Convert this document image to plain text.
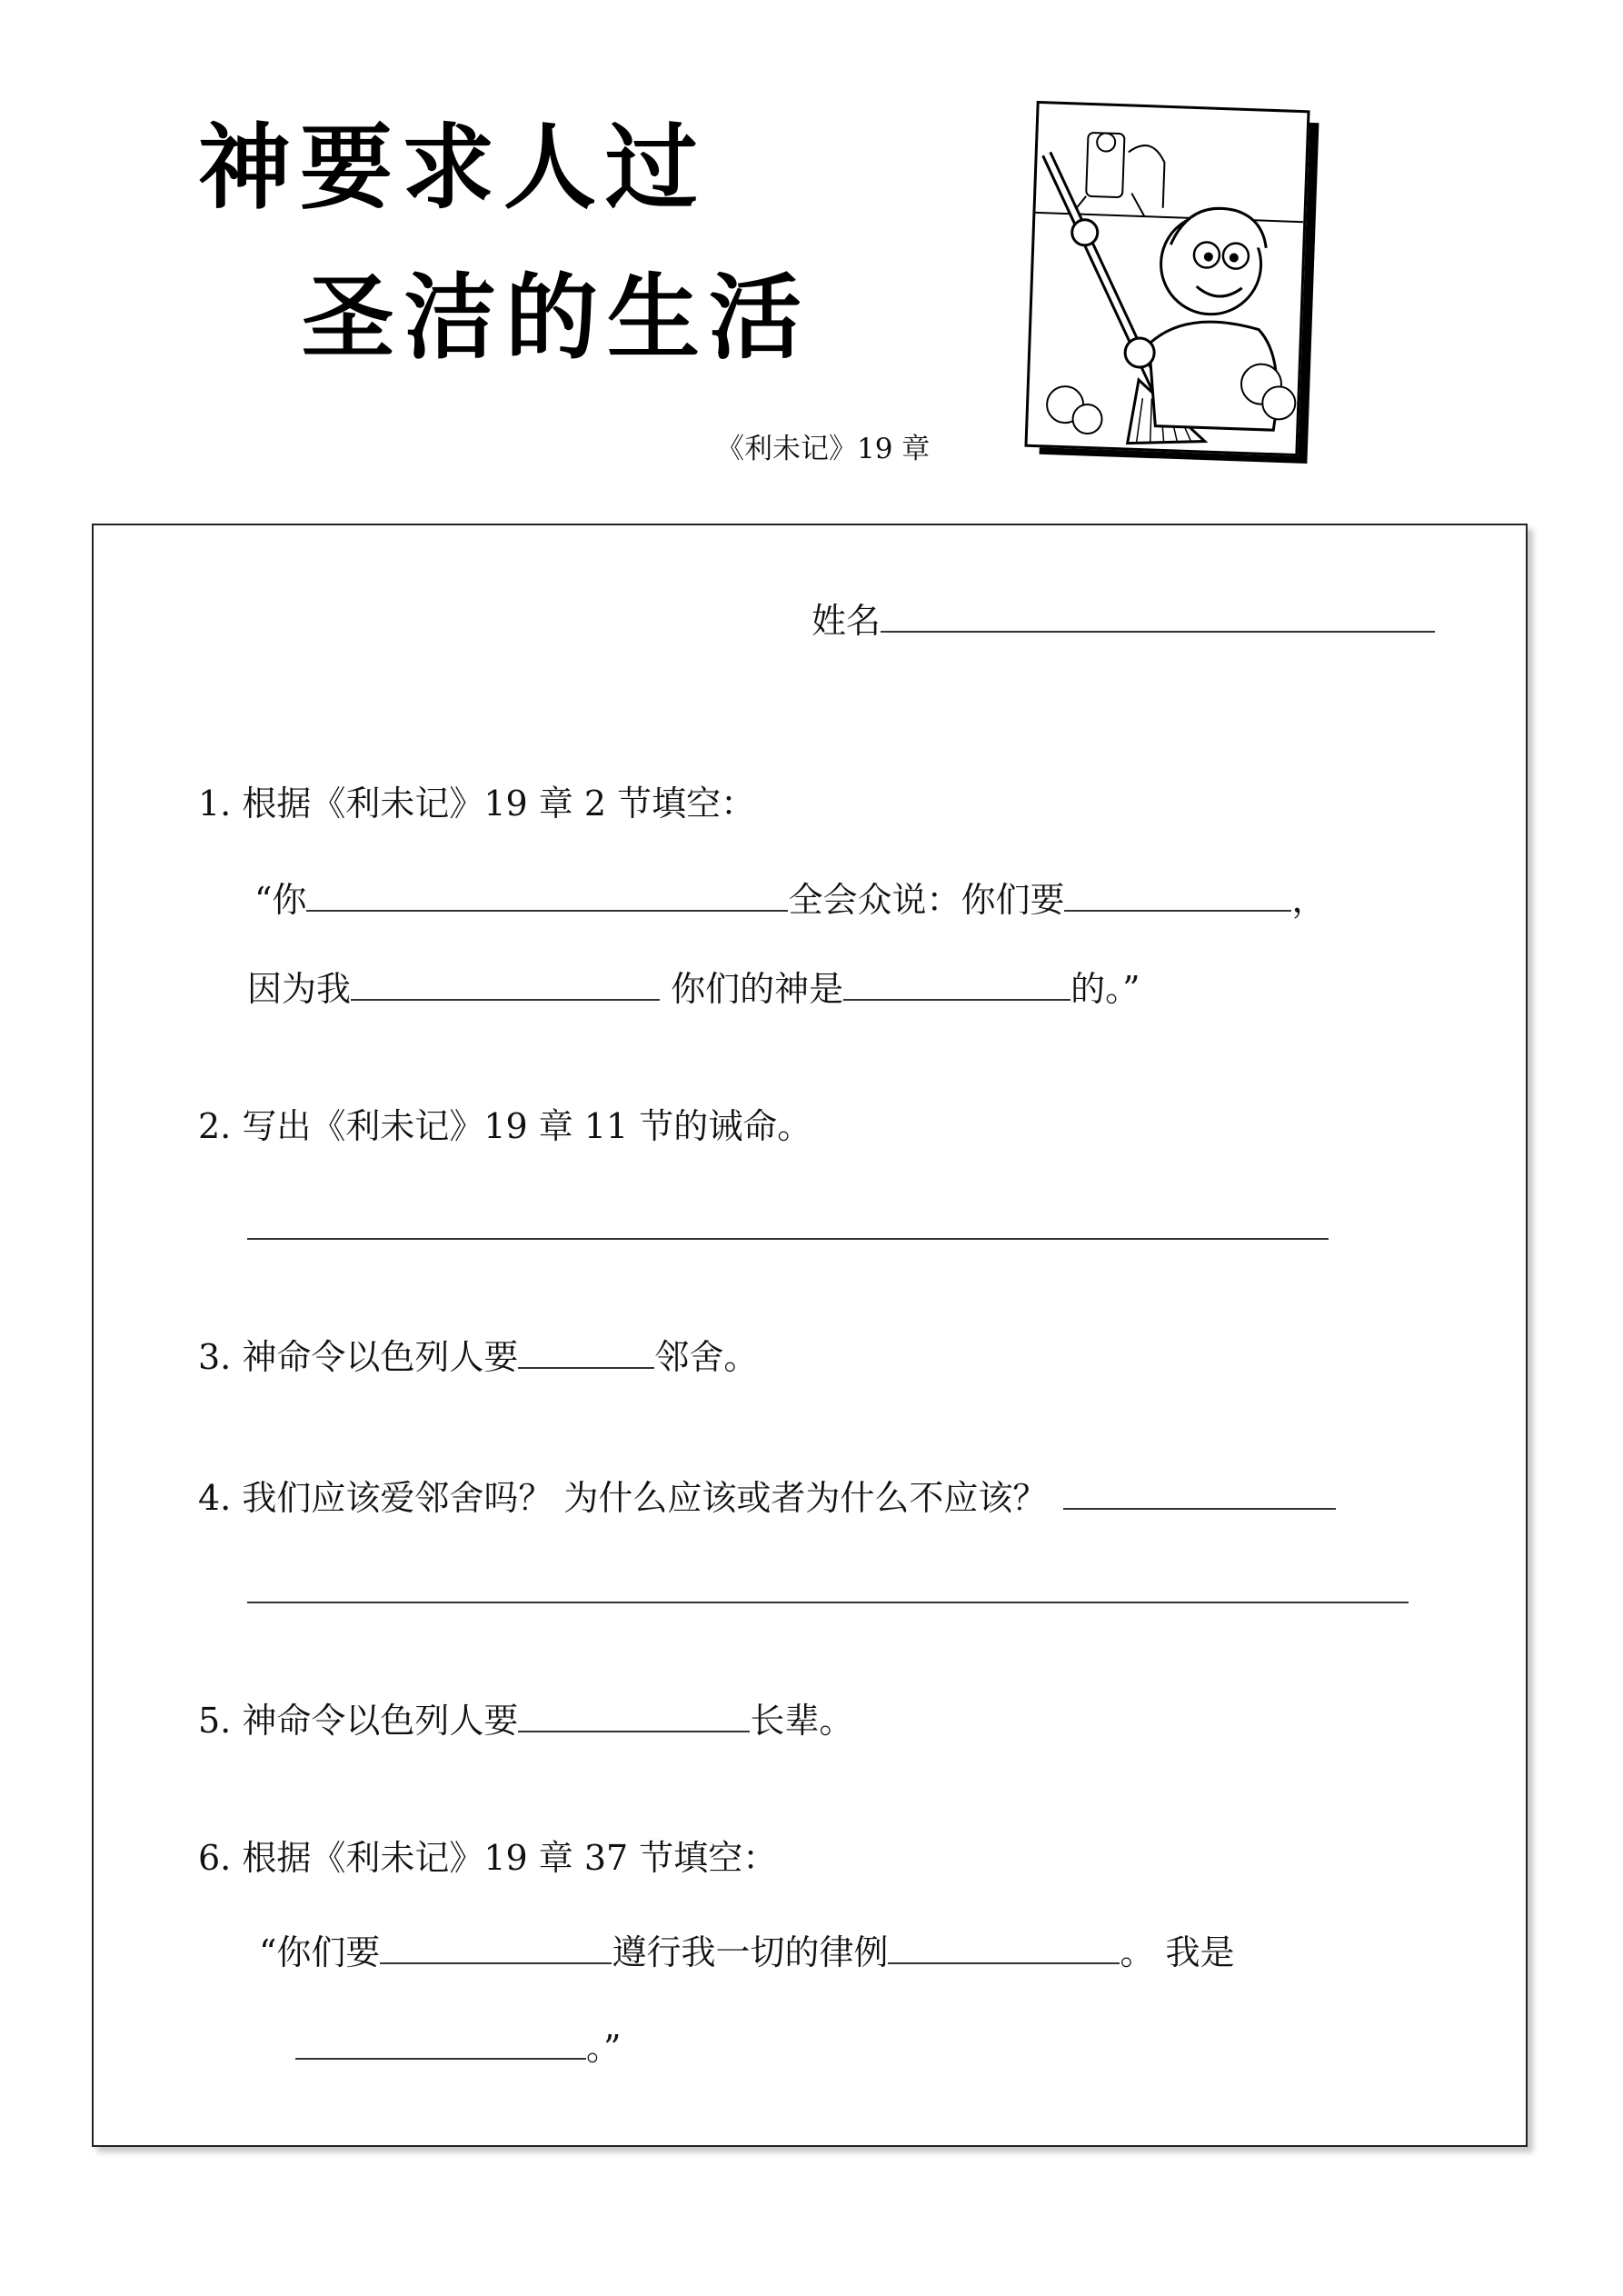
神要求人过
圣洁的生活
《利未记》19 章
姓名
1. 根据《利未记》19 章 2 节填空：
“你	全会众说：你们要	，
因为我	你们的神是	的。”
2. 写出《利未记》19 章 11 节的诫命。
3. 神命令以色列人要	邻舍。
4. 我们应该爱邻舍吗？ 为什么应该或者为什么不应该？
5. 神命令以色列人要	长辈。
6. 根据《利未记》19 章 37 节填空：
“你们要	遵行我一切的律例	。 我是
。”
